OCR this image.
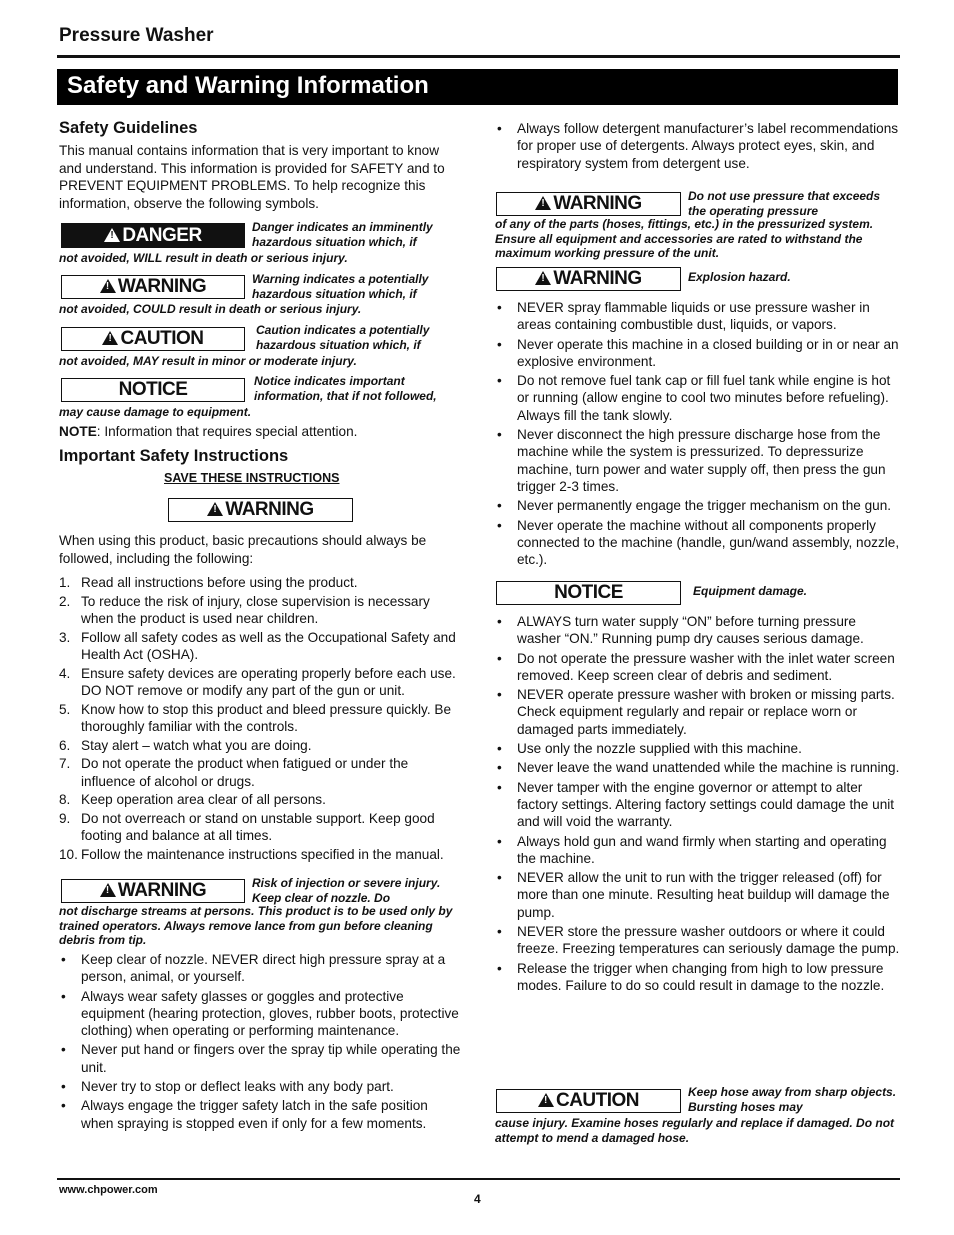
Pressure Washer
Safety and Warning Information
Safety Guidelines
This manual contains information that is very important to know and understand. This information is provided for SAFETY and to PREVENT EQUIPMENT PROBLEMS. To help recognize this information, observe the following symbols.
!
DANGER	Danger indicates an imminently hazardous situation which, if
not avoided, WILL result in death or serious injury.
!
WARNING	Warning indicates a potentially hazardous situation which, if
not avoided, COULD result in death or serious injury.
!
CAUTION	Caution indicates a potentially hazardous situation which, if
not avoided, MAY result in minor or moderate injury.
NOTICE	Notice indicates important information, that if not followed,
may cause damage to equipment.
NOTE: Information that requires special attention.
Important Safety Instructions
SAVE THESE INSTRUCTIONS
!
WARNING
When using this product, basic precautions should always be followed, including the following:
1. Read all instructions before using the product.
2. To reduce the risk of injury, close supervision is necessary when the product is used near children.
3. Follow all safety codes as well as the Occupational Safety and Health Act (OSHA).
4. Ensure safety devices are operating properly before each use. DO NOT remove or modify any part of the gun or unit.
5. Know how to stop this product and bleed pressure quickly. Be thoroughly familiar with the controls.
6. Stay alert – watch what you are doing.
7. Do not operate the product when fatigued or under the influence of alcohol or drugs.
8. Keep operation area clear of all persons.
9. Do not overreach or stand on unstable support. Keep good footing and balance at all times.
10. Follow the maintenance instructions specified in the manual.
!
WARNING	Risk of injection or severe injury. Keep clear of nozzle. Do
not discharge streams at persons. This product is to be used only by trained operators. Always remove lance from gun before cleaning debris from tip.
• Keep clear of nozzle. NEVER direct high pressure spray at a person, animal, or yourself.
• Always wear safety glasses or goggles and protective equipment (hearing protection, gloves, rubber boots, protective clothing) when operating or performing maintenance.
• Never put hand or fingers over the spray tip while operating the unit.
• Never try to stop or deflect leaks with any body part.
• Always engage the trigger safety latch in the safe position when spraying is stopped even if only for a few moments.
• Always follow detergent manufacturer’s label recommendations for proper use of detergents. Always protect eyes, skin, and respiratory system from detergent use.
!
WARNING	Do not use pressure that exceeds the operating pressure
of any of the parts (hoses, fittings, etc.) in the pressurized system. Ensure all equipment and accessories are rated to withstand the maximum working pressure of the unit.
!
WARNING	Explosion hazard.
• NEVER spray flammable liquids or use pressure washer in areas containing combustible dust, liquids, or vapors.
• Never operate this machine in a closed building or in or near an explosive environment.
• Do not remove fuel tank cap or fill fuel tank while engine is hot or running (allow engine to cool two minutes before refueling). Always fill the tank slowly.
• Never disconnect the high pressure discharge hose from the machine while the system is pressurized. To depressurize machine, turn power and water supply off, then press the gun trigger 2-3 times.
• Never permanently engage the trigger mechanism on the gun.
• Never operate the machine without all components properly connected to the machine (handle, gun/wand assembly, nozzle, etc.).
NOTICE	Equipment damage.
• ALWAYS turn water supply “ON” before turning pressure washer “ON.” Running pump dry causes serious damage.
• Do not operate the pressure washer with the inlet water screen removed. Keep screen clear of debris and sediment.
• NEVER operate pressure washer with broken or missing parts. Check equipment regularly and repair or replace worn or damaged parts immediately.
• Use only the nozzle supplied with this machine.
• Never leave the wand unattended while the machine is running.
• Never tamper with the engine governor or attempt to alter factory settings. Altering factory settings could damage the unit and will void the warranty.
• Always hold gun and wand firmly when starting and operating the machine.
• NEVER allow the unit to run with the trigger released (off) for more than one minute. Resulting heat buildup will damage the pump.
• NEVER store the pressure washer outdoors or where it could freeze. Freezing temperatures can seriously damage the pump.
• Release the trigger when changing from high to low pressure modes. Failure to do so could result in damage to the nozzle.
!
CAUTION	Keep hose away from sharp objects. Bursting hoses may
cause injury. Examine hoses regularly and replace if damaged. Do not attempt to mend a damaged hose.
www.chpower.com
4
